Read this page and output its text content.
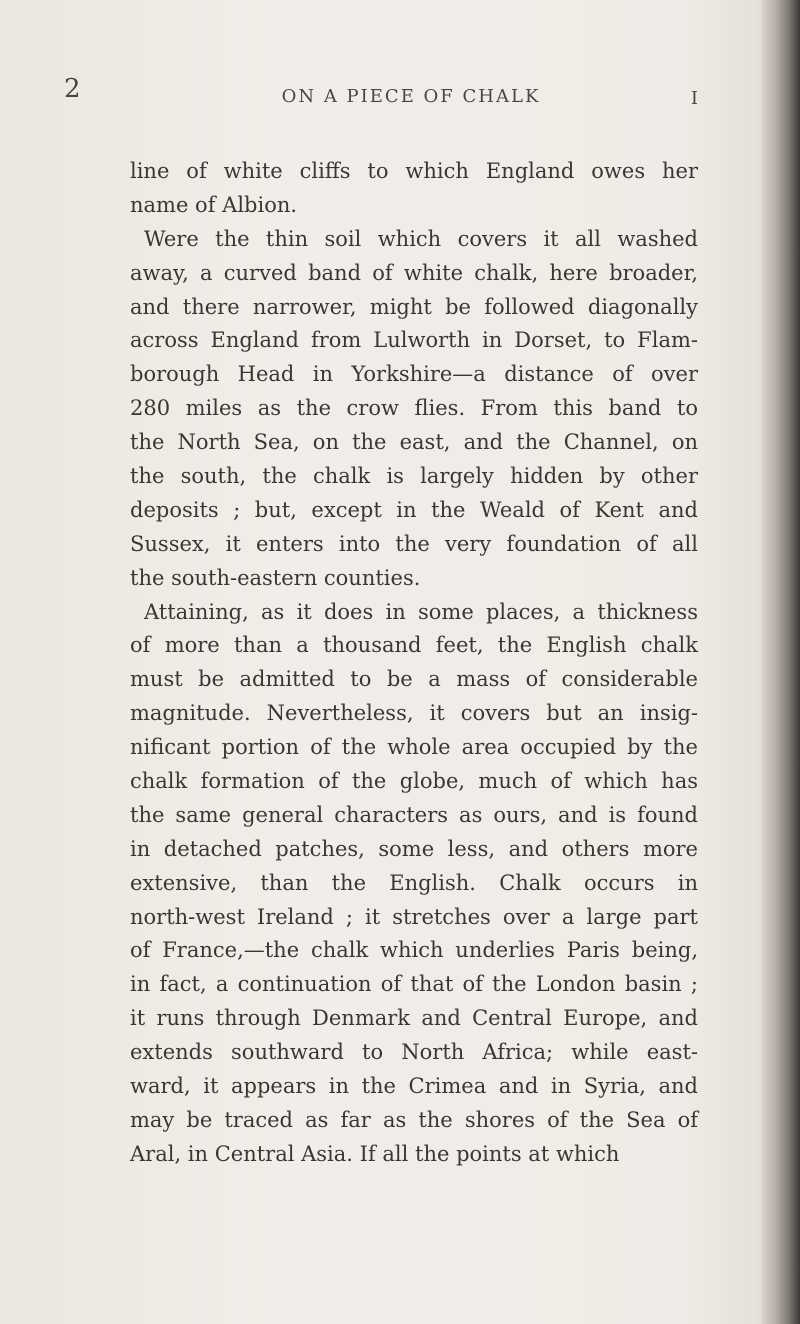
2	ON A PIECE OF CHALK	I
line of white cliffs to which England owes her
name of Albion.
Were the thin soil which covers it all washed
away, a curved band of white chalk, here broader,
and there narrower, might be followed diagonally
across England from Lulworth in Dorset, to Flam-
borough Head in Yorkshire—a distance of over
280 miles as the crow flies. From this band to
the North Sea, on the east, and the Channel, on
the south, the chalk is largely hidden by other
deposits ; but, except in the Weald of Kent and
Sussex, it enters into the very foundation of all
the south-eastern counties.
Attaining, as it does in some places, a thickness
of more than a thousand feet, the English chalk
must be admitted to be a mass of considerable
magnitude. Nevertheless, it covers but an insig-
nificant portion of the whole area occupied by the
chalk formation of the globe, much of which has
the same general characters as ours, and is found
in detached patches, some less, and others more
extensive, than the English. Chalk occurs in
north-west Ireland ; it stretches over a large part
of France,—the chalk which underlies Paris being,
in fact, a continuation of that of the London basin ;
it runs through Denmark and Central Europe, and
extends southward to North Africa; while east-
ward, it appears in the Crimea and in Syria, and
may be traced as far as the shores of the Sea of
Aral, in Central Asia. If all the points at which
